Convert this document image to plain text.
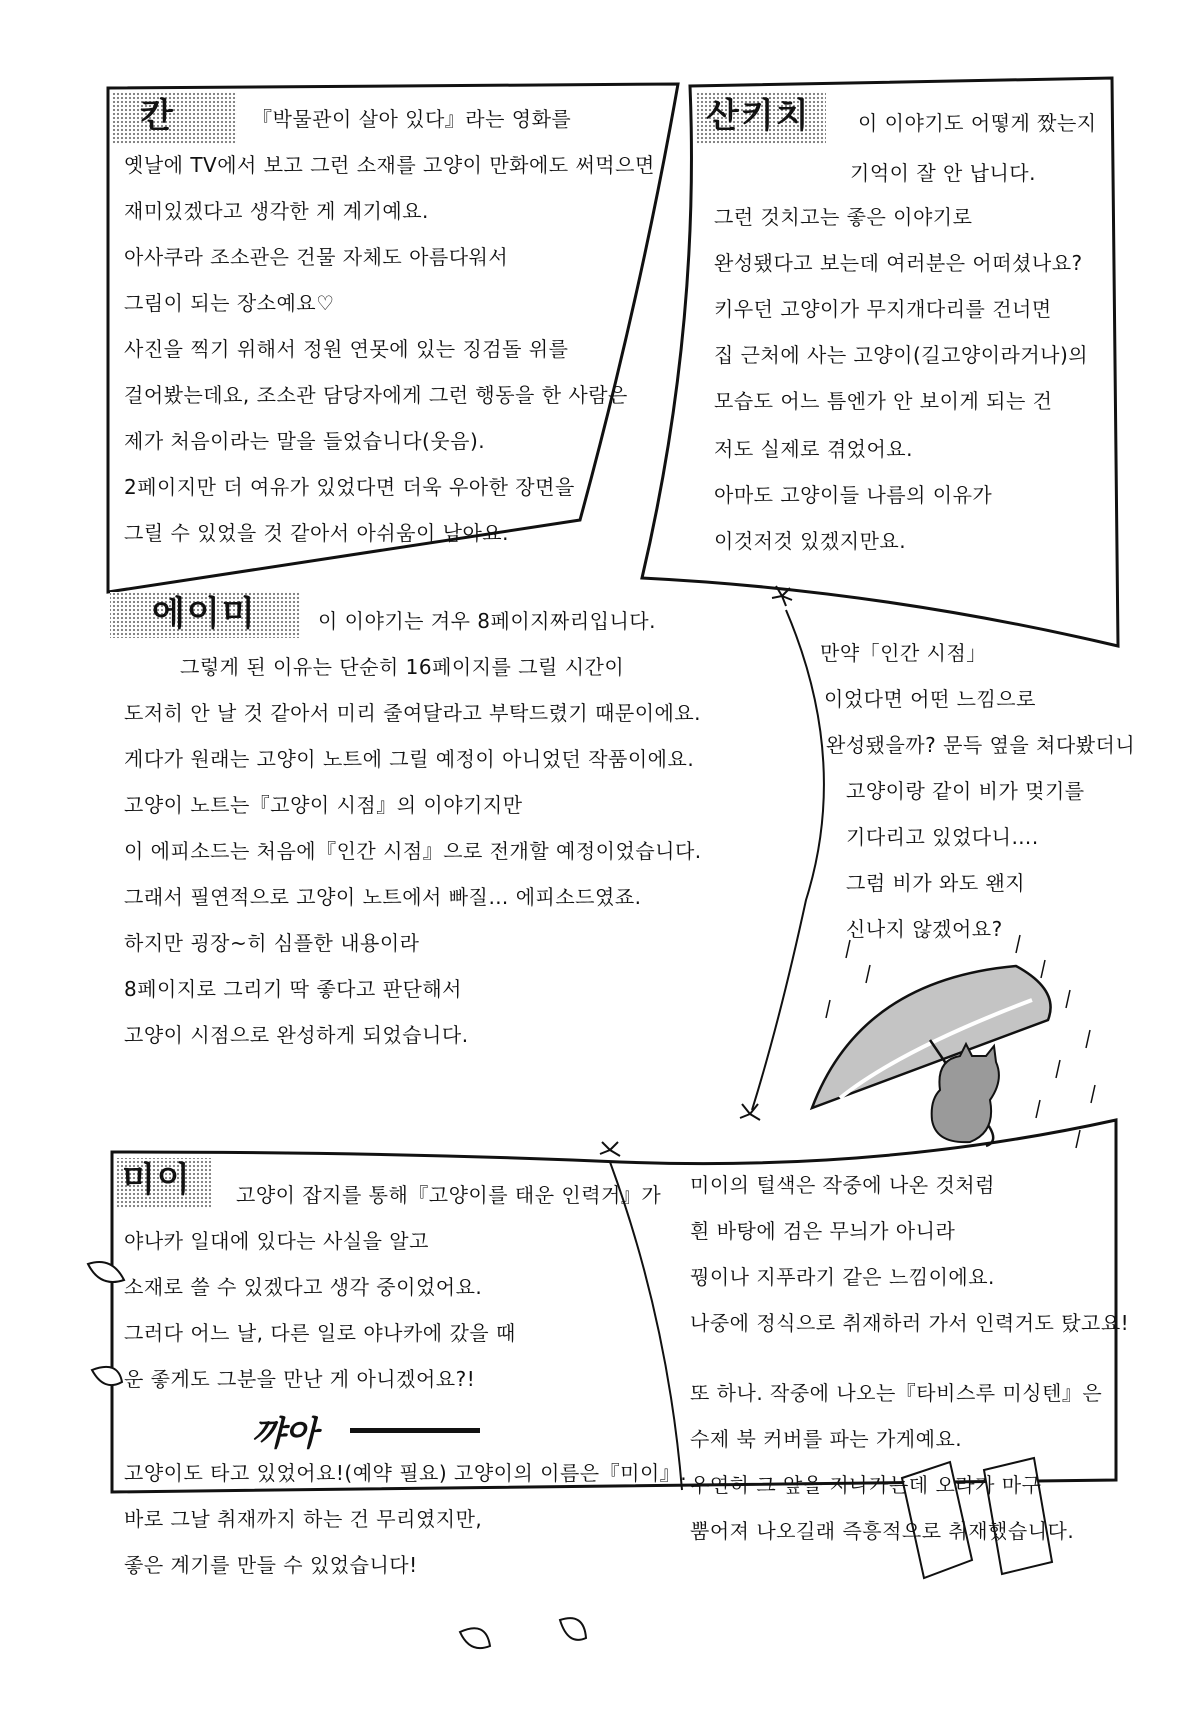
칸	『박물관이 살아 있다』라는 영화를
옛날에 TV에서 보고 그런 소재를 고양이 만화에도 써먹으면
재미있겠다고 생각한 게 계기예요.
아사쿠라 조소관은 건물 자체도 아름다워서
그림이 되는 장소예요♡
사진을 찍기 위해서 정원 연못에 있는 징검돌 위를
걸어봤는데요, 조소관 담당자에게 그런 행동을 한 사람은
제가 처음이라는 말을 들었습니다(웃음).
2페이지만 더 여유가 있었다면 더욱 우아한 장면을
그릴 수 있었을 것 같아서 아쉬움이 남아요.
산키치 이 이야기도 어떻게 짰는지
기억이 잘 안 납니다.
그런 것치고는 좋은 이야기로
완성됐다고 보는데 여러분은 어떠셨나요?
키우던 고양이가 무지개다리를 건너면
집 근처에 사는 고양이(길고양이라거나)의
모습도 어느 틈엔가 안 보이게 되는 건
저도 실제로 겪었어요.
아마도 고양이들 나름의 이유가
이것저것 있겠지만요.
에이미	이 이야기는 겨우 8페이지짜리입니다.
그렇게 된 이유는 단순히 16페이지를 그릴 시간이
도저히 안 날 것 같아서 미리 줄여달라고 부탁드렸기 때문이에요.
게다가 원래는 고양이 노트에 그릴 예정이 아니었던 작품이에요.
고양이 노트는『고양이 시점』의 이야기지만
이 에피소드는 처음에『인간 시점』으로 전개할 예정이었습니다.
그래서 필연적으로 고양이 노트에서 빠질… 에피소드였죠.
하지만 굉장~히 심플한 내용이라
8페이지로 그리기 딱 좋다고 판단해서
고양이 시점으로 완성하게 되었습니다.
만약「인간 시점」
이었다면 어떤 느낌으로
완성됐을까? 문득 옆을 쳐다봤더니
고양이랑 같이 비가 멎기를
기다리고 있었다니….
그럼 비가 와도 왠지
신나지 않겠어요?
미이 고양이 잡지를 통해『고양이를 태운 인력거』가
야나카 일대에 있다는 사실을 알고
소재로 쓸 수 있겠다고 생각 중이었어요.
그러다 어느 날, 다른 일로 야나카에 갔을 때
운 좋게도 그분을 만난 게 아니겠어요?!
꺄아
고양이도 타고 있었어요!(예약 필요) 고양이의 이름은『미이』.
바로 그날 취재까지 하는 건 무리였지만,
좋은 계기를 만들 수 있었습니다!
미이의 털색은 작중에 나온 것처럼
흰 바탕에 검은 무늬가 아니라
꿩이나 지푸라기 같은 느낌이에요.
나중에 정식으로 취재하러 가서 인력거도 탔고요!
또 하나. 작중에 나오는『타비스루 미싱텐』은
수제 북 커버를 파는 가게예요.
우연히 그 앞을 지나가는데 오라가 마구
뿜어져 나오길래 즉흥적으로 취재했습니다.
